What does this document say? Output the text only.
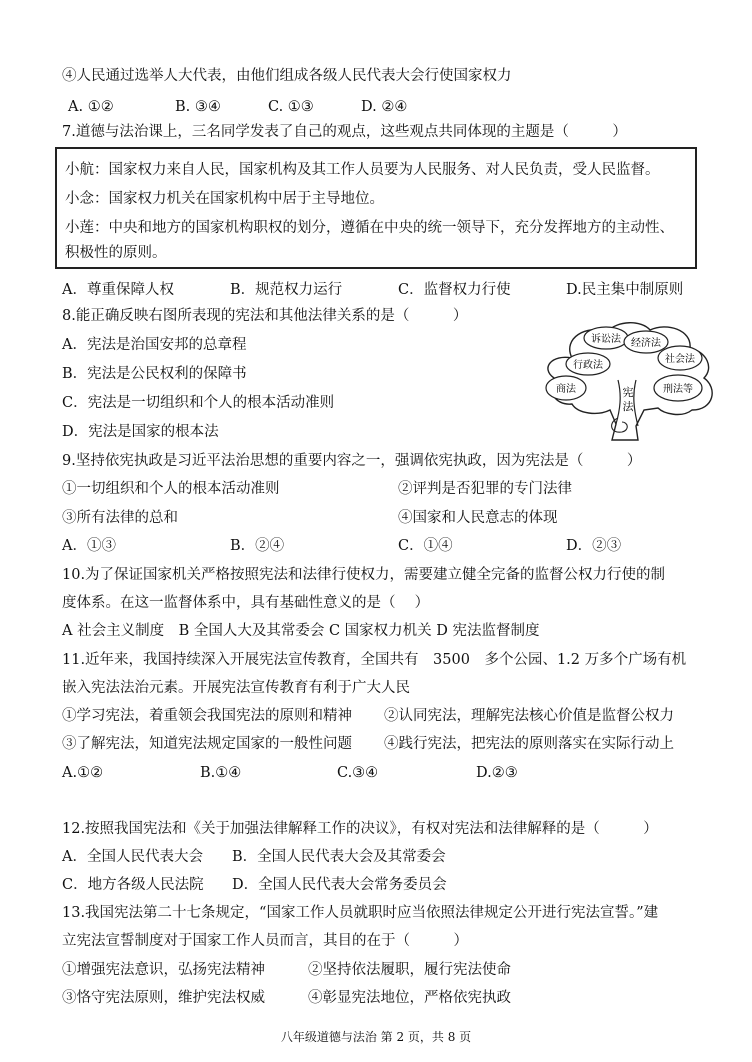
④人民通过选举人大代表，由他们组成各级人民代表大会行使国家权力
A. ①②	B. ③④	C. ①③	D. ②④
7.道德与法治课上，三名同学发表了自己的观点，这些观点共同体现的主题是（　　　）
小航：国家权力来自人民，国家机构及其工作人员要为人民服务、对人民负责，受人民监督。
小念：国家权力机关在国家机构中居于主导地位。
小莲：中央和地方的国家机构职权的划分，遵循在中央的统一领导下，充分发挥地方的主动性、
积极性的原则。
A．尊重保障人权	B．规范权力运行	C．监督权力行使	D.民主集中制原则
8.能正确反映右图所表现的宪法和其他法律关系的是（　　　）
A．宪法是治国安邦的总章程
B．宪法是公民权利的保障书
C．宪法是一切组织和个人的根本活动准则
D．宪法是国家的根本法
诉讼法 经济法
行政法
社会法
商法	刑法等
宪
法
9.坚持依宪执政是习近平法治思想的重要内容之一，强调依宪执政，因为宪法是（　　　）
①一切组织和个人的根本活动准则	②评判是否犯罪的专门法律
③所有法律的总和	④国家和人民意志的体现
A．①③	B．②④	C．①④	D．②③
10.为了保证国家机关严格按照宪法和法律行使权力，需要建立健全完备的监督公权力行使的制
度体系。在这一监督体系中，具有基础性意义的是（　 ）
A 社会主义制度　B 全国人大及其常委会 C 国家权力机关 D 宪法监督制度
11.近年来，我国持续深入开展宪法宣传教育，全国共有　3500　多个公园、1.2 万多个广场有机
嵌入宪法法治元素。开展宪法宣传教育有利于广大人民
①学习宪法，着重领会我国宪法的原则和精神 ②认同宪法，理解宪法核心价值是监督公权力
③了解宪法，知道宪法规定国家的一般性问题 ④践行宪法，把宪法的原则落实在实际行动上
A.①②	B.①④	C.③④	D.②③
12.按照我国宪法和《关于加强法律解释工作的决议》，有权对宪法和法律解释的是（　　　）
A．全国人民代表大会 B．全国人民代表大会及其常委会
C．地方各级人民法院 D．全国人民代表大会常务委员会
13.我国宪法第二十七条规定，“国家工作人员就职时应当依照法律规定公开进行宪法宣誓。”建
立宪法宣誓制度对于国家工作人员而言，其目的在于（　　　）
①增强宪法意识，弘扬宪法精神	②坚持依法履职，履行宪法使命
③恪守宪法原则，维护宪法权威	④彰显宪法地位，严格依宪执政
八年级道德与法治 第 2 页，共 8 页
